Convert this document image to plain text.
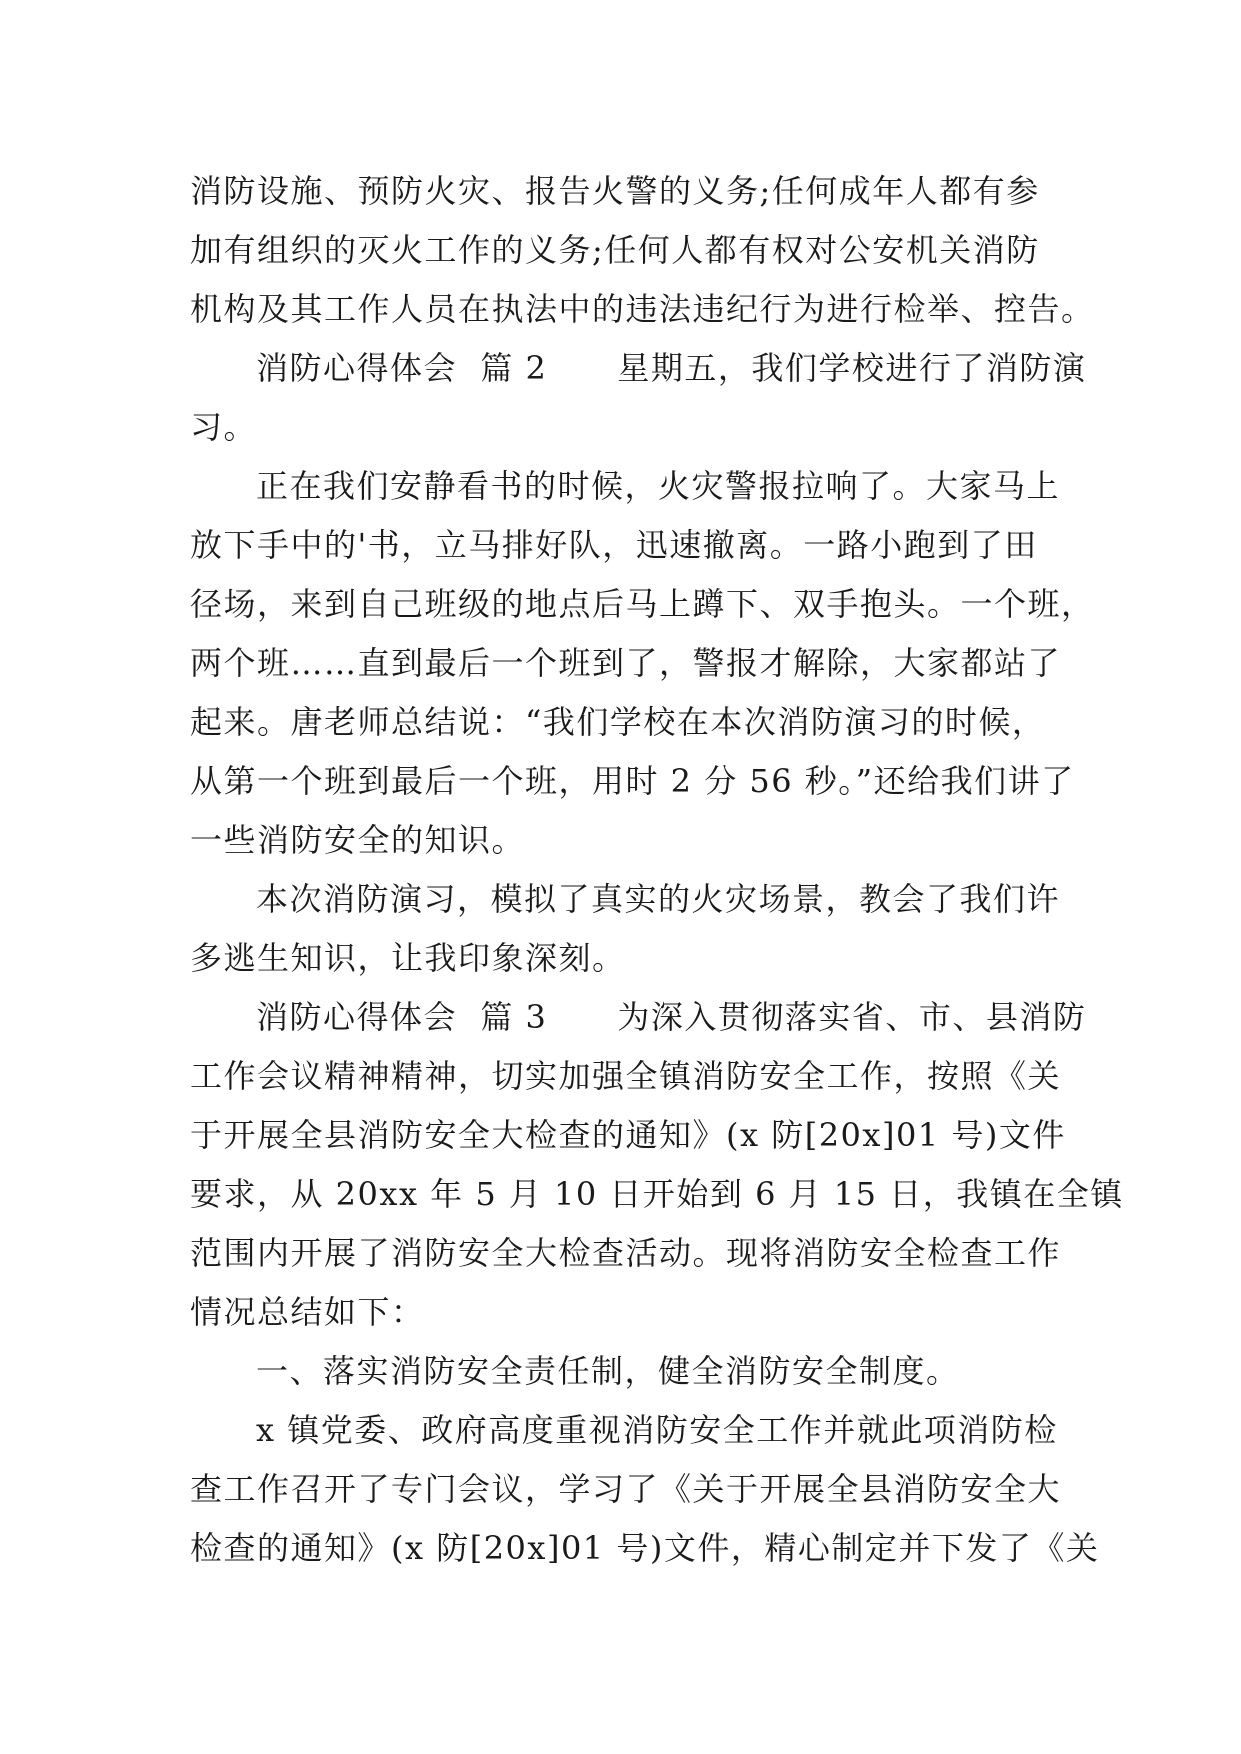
消防设施、预防火灾、报告火警的义务;任何成年人都有参
加有组织的灭火工作的义务;任何人都有权对公安机关消防
机构及其工作人员在执法中的违法违纪行为进行检举、控告。
消防心得体会  篇 2      星期五，我们学校进行了消防演
习。
正在我们安静看书的时候，火灾警报拉响了。大家马上
放下手中的'书，立马排好队，迅速撤离。一路小跑到了田
径场，来到自己班级的地点后马上蹲下、双手抱头。一个班，
两个班……直到最后一个班到了，警报才解除，大家都站了
起来。唐老师总结说：“我们学校在本次消防演习的时候，
从第一个班到最后一个班，用时 2 分 56 秒。”还给我们讲了
一些消防安全的知识。
本次消防演习，模拟了真实的火灾场景，教会了我们许
多逃生知识，让我印象深刻。
消防心得体会  篇 3      为深入贯彻落实省、市、县消防
工作会议精神精神，切实加强全镇消防安全工作，按照《关
于开展全县消防安全大检查的通知》(x 防[20x]01 号)文件
要求，从 20xx 年 5 月 10 日开始到 6 月 15 日，我镇在全镇
范围内开展了消防安全大检查活动。现将消防安全检查工作
情况总结如下：
一、落实消防安全责任制，健全消防安全制度。
x 镇党委、政府高度重视消防安全工作并就此项消防检
查工作召开了专门会议，学习了《关于开展全县消防安全大
检查的通知》(x 防[20x]01 号)文件，精心制定并下发了《关
